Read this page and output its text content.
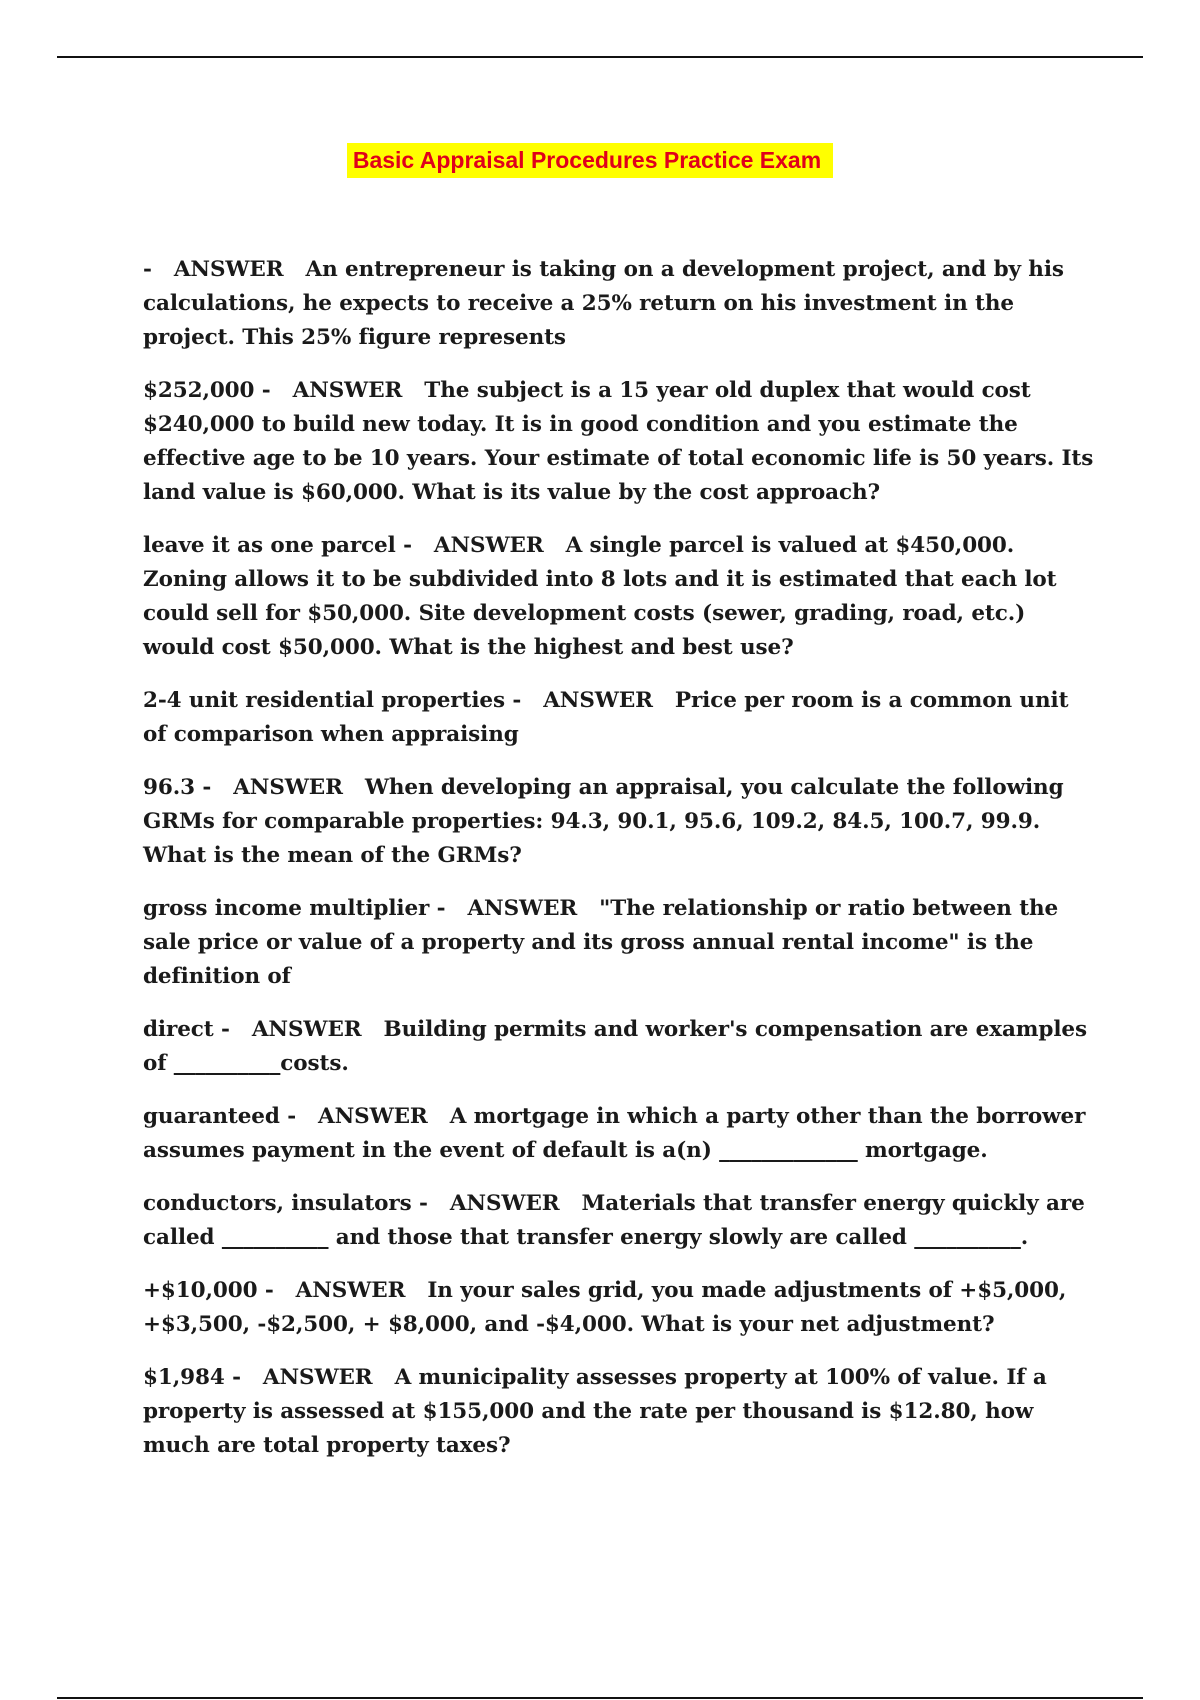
Basic Appraisal Procedures Practice Exam

- ANSWER An entrepreneur is taking on a development project, and by his calculations, he expects to receive a 25% return on his investment in the project. This 25% figure represents

$252,000 - ANSWER The subject is a 15 year old duplex that would cost $240,000 to build new today. It is in good condition and you estimate the effective age to be 10 years. Your estimate of total economic life is 50 years. Its land value is $60,000. What is its value by the cost approach?

leave it as one parcel - ANSWER A single parcel is valued at $450,000. Zoning allows it to be subdivided into 8 lots and it is estimated that each lot could sell for $50,000. Site development costs (sewer, grading, road, etc.) would cost $50,000. What is the highest and best use?

2-4 unit residential properties - ANSWER Price per room is a common unit of comparison when appraising

96.3 - ANSWER When developing an appraisal, you calculate the following GRMs for comparable properties: 94.3, 90.1, 95.6, 109.2, 84.5, 100.7, 99.9. What is the mean of the GRMs?

gross income multiplier - ANSWER "The relationship or ratio between the sale price or value of a property and its gross annual rental income" is the definition of

direct - ANSWER Building permits and worker's compensation are examples of __________costs.

guaranteed - ANSWER A mortgage in which a party other than the borrower assumes payment in the event of default is a(n) _____________ mortgage.

conductors, insulators - ANSWER Materials that transfer energy quickly are called __________ and those that transfer energy slowly are called __________.

+$10,000 - ANSWER In your sales grid, you made adjustments of +$5,000, +$3,500, -$2,500, + $8,000, and -$4,000. What is your net adjustment?

$1,984 - ANSWER A municipality assesses property at 100% of value. If a property is assessed at $155,000 and the rate per thousand is $12.80, how much are total property taxes?
